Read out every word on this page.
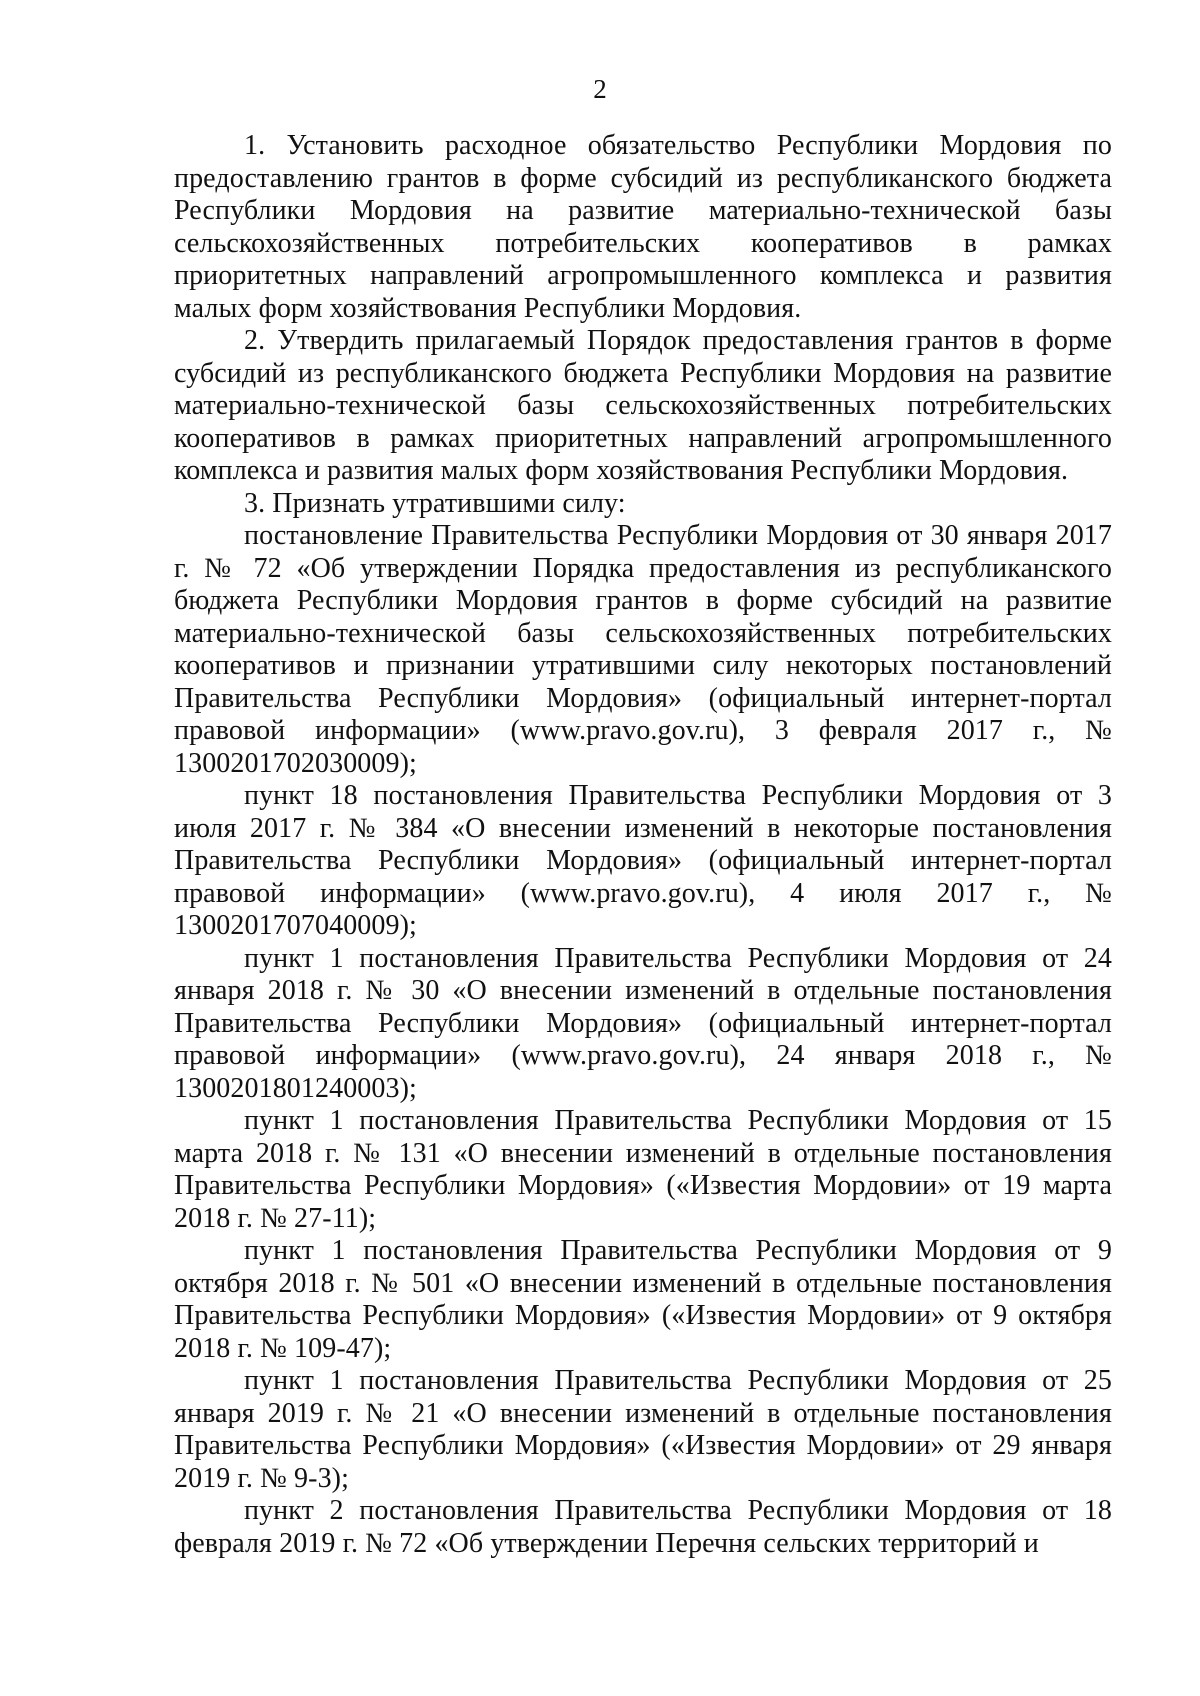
2

1. Установить расходное обязательство Республики Мордовия по предоставлению грантов в форме субсидий из республиканского бюджета Республики Мордовия на развитие материально-технической базы сельскохозяйственных потребительских кооперативов в рамках приоритетных направлений агропромышленного комплекса и развития малых форм хозяйствования Республики Мордовия.

2. Утвердить прилагаемый Порядок предоставления грантов в форме субсидий из республиканского бюджета Республики Мордовия на развитие материально-технической базы сельскохозяйственных потребительских кооперативов в рамках приоритетных направлений агропромышленного комплекса и развития малых форм хозяйствования Республики Мордовия.

3. Признать утратившими силу:

постановление Правительства Республики Мордовия от 30 января 2017 г. № 72 «Об утверждении Порядка предоставления из республиканского бюджета Республики Мордовия грантов в форме субсидий на развитие материально-технической базы сельскохозяйственных потребительских кооперативов и признании утратившими силу некоторых постановлений Правительства Республики Мордовия» (официальный интернет-портал правовой информации» (www.pravo.gov.ru), 3 февраля 2017 г., № 1300201702030009);

пункт 18 постановления Правительства Республики Мордовия от 3 июля 2017 г. № 384 «О внесении изменений в некоторые постановления Правительства Республики Мордовия» (официальный интернет-портал правовой информации» (www.pravo.gov.ru), 4 июля 2017 г., № 1300201707040009);

пункт 1 постановления Правительства Республики Мордовия от 24 января 2018 г. № 30 «О внесении изменений в отдельные постановления Правительства Республики Мордовия» (официальный интернет-портал правовой информации» (www.pravo.gov.ru), 24 января 2018 г., № 1300201801240003);

пункт 1 постановления Правительства Республики Мордовия от 15 марта 2018 г. № 131 «О внесении изменений в отдельные постановления Правительства Республики Мордовия» («Известия Мордовии» от 19 марта 2018 г. № 27-11);

пункт 1 постановления Правительства Республики Мордовия от 9 октября 2018 г. № 501 «О внесении изменений в отдельные постановления Правительства Республики Мордовия» («Известия Мордовии» от 9 октября 2018 г. № 109-47);

пункт 1 постановления Правительства Республики Мордовия от 25 января 2019 г. № 21 «О внесении изменений в отдельные постановления Правительства Республики Мордовия» («Известия Мордовии» от 29 января 2019 г. № 9-3);

пункт 2 постановления Правительства Республики Мордовия от 18 февраля 2019 г. № 72 «Об утверждении Перечня сельских территорий и
